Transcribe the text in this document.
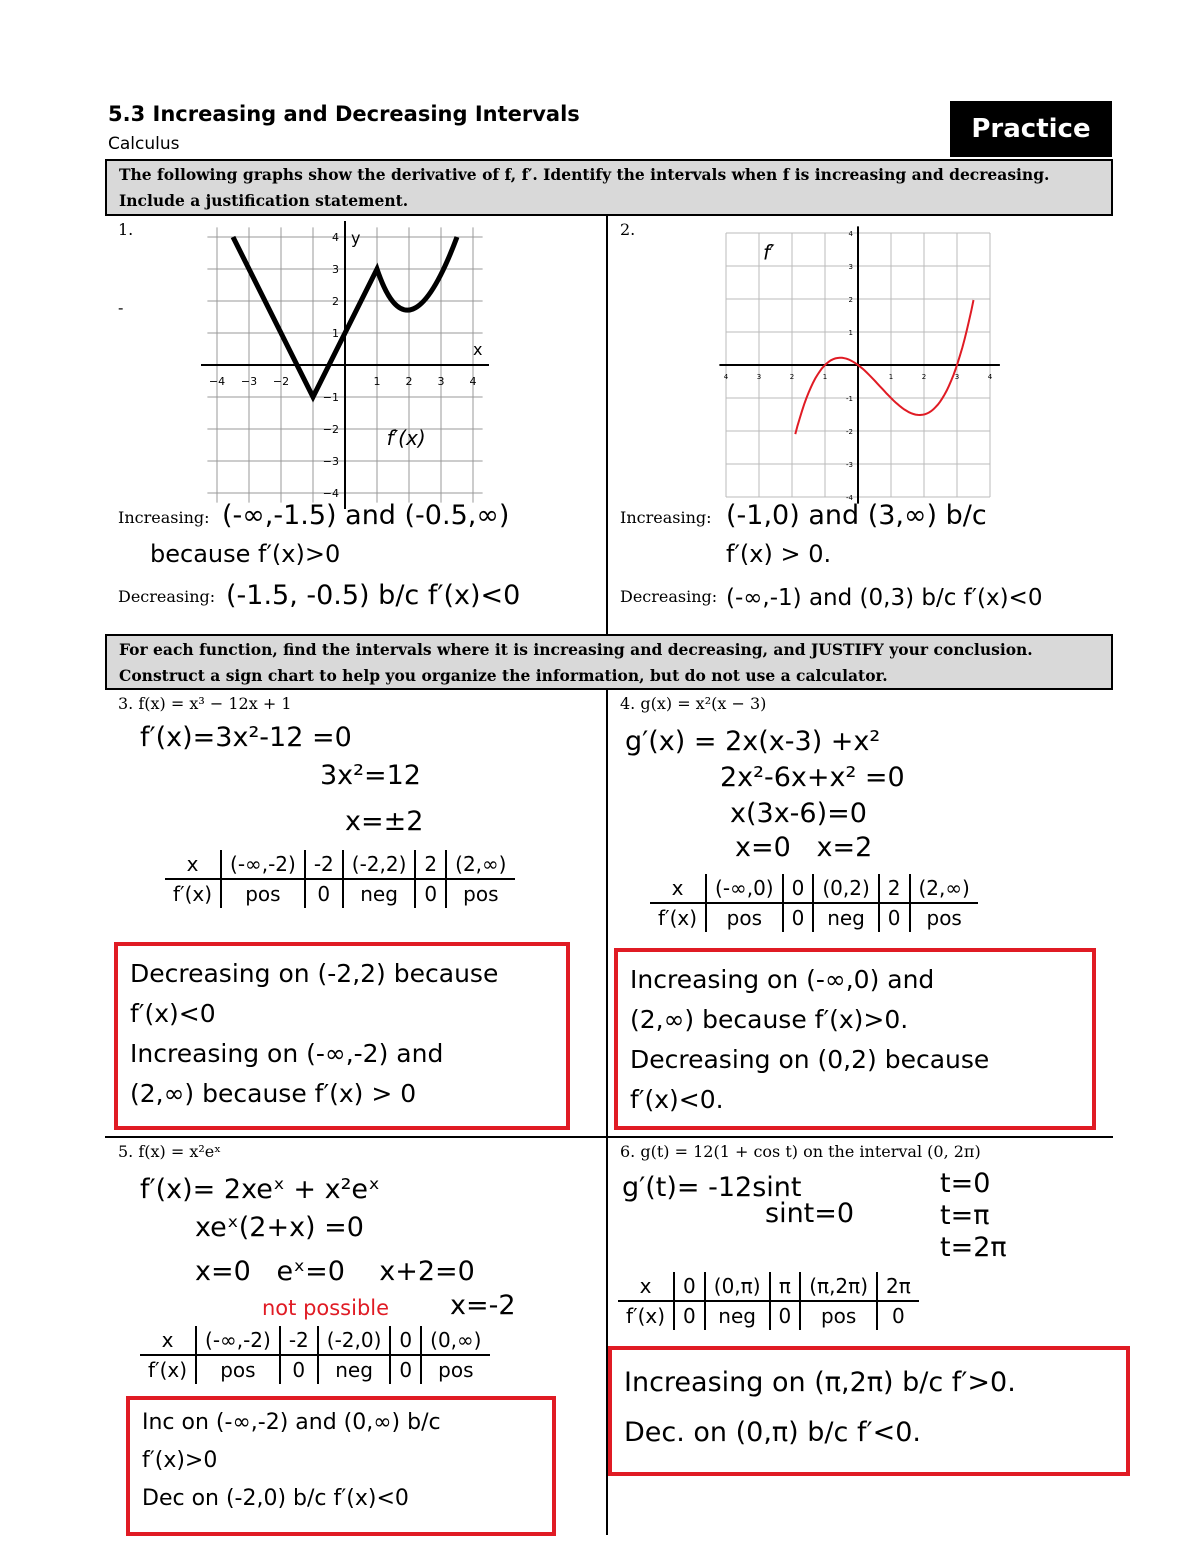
5.3 Increasing and Decreasing Intervals
Calculus	Practice
The following graphs show the derivative of f, f′. Identify the intervals when f is increasing and decreasing. Include a justification statement.
1.
-
−4 −3 −2	1 2 3 4
4
3
2
1
−1
−2
−3
−4
x
y
f′(x)
2.
4	3	2	1	1	2	3	4
4
3
2
1
-1
-2
-3
-4
f′
Increasing: (-∞,-1.5) and (-0.5,∞)
because f′(x)>0
Decreasing: (-1.5, -0.5) b/c f′(x)<0
Increasing: (-1,0) and (3,∞) b/c
f′(x) > 0.
Decreasing: (-∞,-1) and (0,3) b/c f′(x)<0
For each function, find the intervals where it is increasing and decreasing, and JUSTIFY your conclusion. Construct a sign chart to help you organize the information, but do not use a calculator.
3. f(x) = x³ − 12x + 1
f′(x)=3x²-12 =0
3x²=12
x=±2
x	(-∞,-2)	-2	(-2,2)	2	(2,∞)
f′(x)	pos	0	neg	0	pos
Decreasing on (-2,2) because
f′(x)<0
Increasing on (-∞,-2) and
(2,∞) because f′(x) > 0
4. g(x) = x²(x − 3)
g′(x) = 2x(x-3) +x²
2x²-6x+x² =0
x(3x-6)=0
x=0   x=2
x	(-∞,0)	0	(0,2)	2	(2,∞)
f′(x)	pos	0	neg	0	pos
Increasing on (-∞,0) and
(2,∞) because f′(x)>0.
Decreasing on (0,2) because
f′(x)<0.
5. f(x) = x²eˣ
f′(x)= 2xeˣ + x²eˣ
xeˣ(2+x) =0
x=0   eˣ=0    x+2=0
not possible x=-2
x	(-∞,-2)	-2	(-2,0)	0	(0,∞)
f′(x)	pos	0	neg	0	pos
Inc on (-∞,-2) and (0,∞) b/c
f′(x)>0
Dec on (-2,0) b/c f′(x)<0
6. g(t) = 12(1 + cos t) on the interval (0, 2π)
g′(t)= -12sint
sint=0
t=0
t=π
t=2π
x	0	(0,π)	π	(π,2π)	2π
f′(x)	0	neg	0	pos	0
Increasing on (π,2π) b/c f′>0.
Dec. on (0,π) b/c f′<0.
